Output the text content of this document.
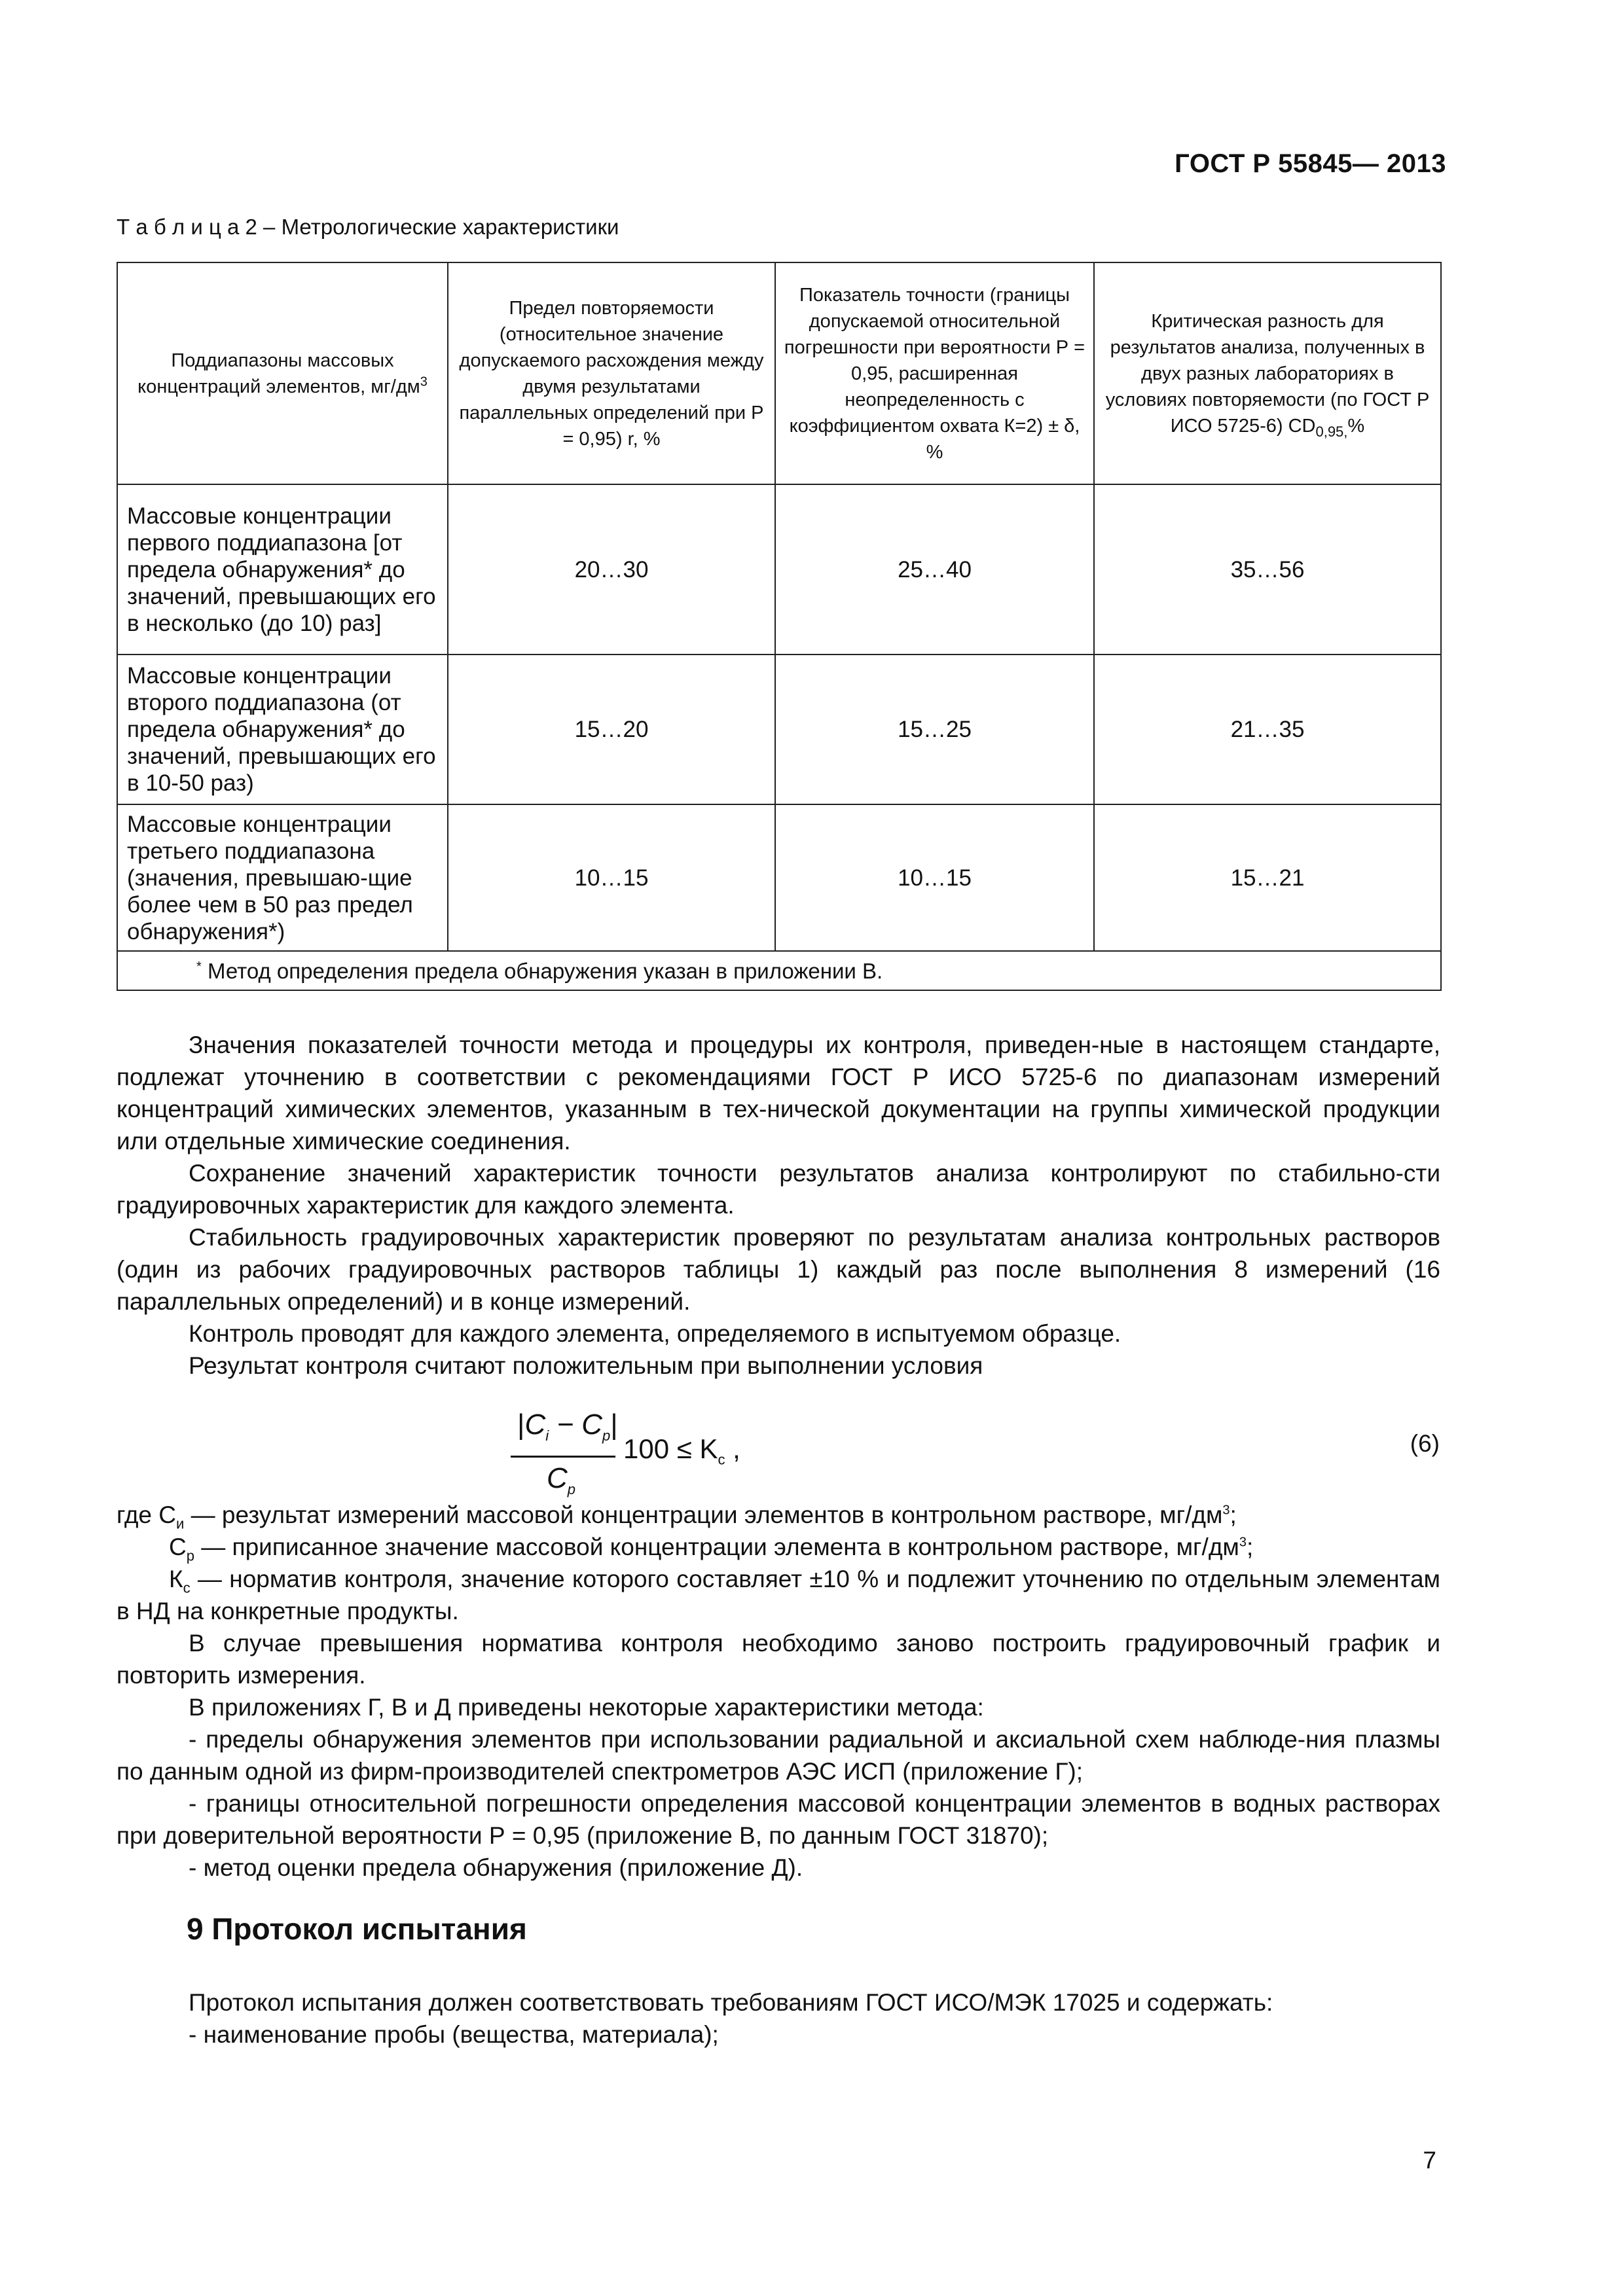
ГОСТ Р 55845— 2013
Т а б л и ц а 2 – Метрологические характеристики
Поддиапазоны массовых концентраций элементов, $мг/дм^3$	Предел повторяемости (относительное значение допускаемого расхождения между двумя результатами параллельных определений при Р = 0,95) r, %	Показатель точности (границы допускаемой относительной погрешности при вероятности Р = 0,95, расширенная неопределенность с коэффициентом охвата К=2) ± δ, %	Критическая разность для результатов анализа, полученных в двух разных лабораториях в условиях повторяемости (по ГОСТ Р ИСО 5725-6) $CD_{0,95,}\%$
Массовые концентрации первого поддиапазона [от предела обнаружения* до значений, превышающих его в несколько (до 10) раз]	20…30	25…40	35…56
Массовые концентрации второго поддиапазона (от предела обнаружения* до значений, превышающих его в 10-50 раз)	15…20	15…25	21…35
Массовые концентрации третьего поддиапазона (значения, превышаю-щие более чем в 50 раз предел обнаружения*)	10…15	10…15	15…21
* Метод определения предела обнаружения указан в приложении В.			

Значения показателей точности метода и процедуры их контроля, приведен-ные в настоящем стандарте, подлежат уточнению в соответствии с рекомендациями ГОСТ Р ИСО 5725-6 по диапазонам измерений концентраций химических элементов, указанным в тех-нической документации на группы химической продукции или отдельные химические соединения.

Сохранение значений характеристик точности результатов анализа контролируют по стабильно-сти градуировочных характеристик для каждого элемента.

Стабильность градуировочных характеристик проверяют по результатам анализа контрольных растворов (один из рабочих градуировочных растворов таблицы 1) каждый раз после выполнения 8 измерений (16 параллельных определений) и в конце измерений.

Контроль проводят для каждого элемента, определяемого в испытуемом образце.

Результат контроля считают положительным при выполнении условия

$|C_i - C_p|$
$C_p$
$100 \le K_c$ ,	(6)

где $С_и$ — результат измерений массовой концентрации элементов в контрольном растворе, $мг/дм^3$;

$С_р$ — приписанное значение массовой концентрации элемента в контрольном растворе, $мг/дм^3$;

$К_с$ — норматив контроля, значение которого составляет ±10 % и подлежит уточнению по отдельным элементам в НД на конкретные продукты.

В случае превышения норматива контроля необходимо заново построить градуировочный график и повторить измерения.

В приложениях Г, В и Д приведены некоторые характеристики метода:

- пределы обнаружения элементов при использовании радиальной и аксиальной схем наблюде-ния плазмы по данным одной из фирм-производителей спектрометров АЭС ИСП (приложение Г);

- границы относительной погрешности определения массовой концентрации элементов в водных растворах при доверительной вероятности Р = 0,95 (приложение В, по данным ГОСТ 31870);

- метод оценки предела обнаружения (приложение Д).

9 Протокол испытания

Протокол испытания должен соответствовать требованиям ГОСТ ИСО/МЭК 17025 и содержать:

- наименование пробы (вещества, материала);

7
